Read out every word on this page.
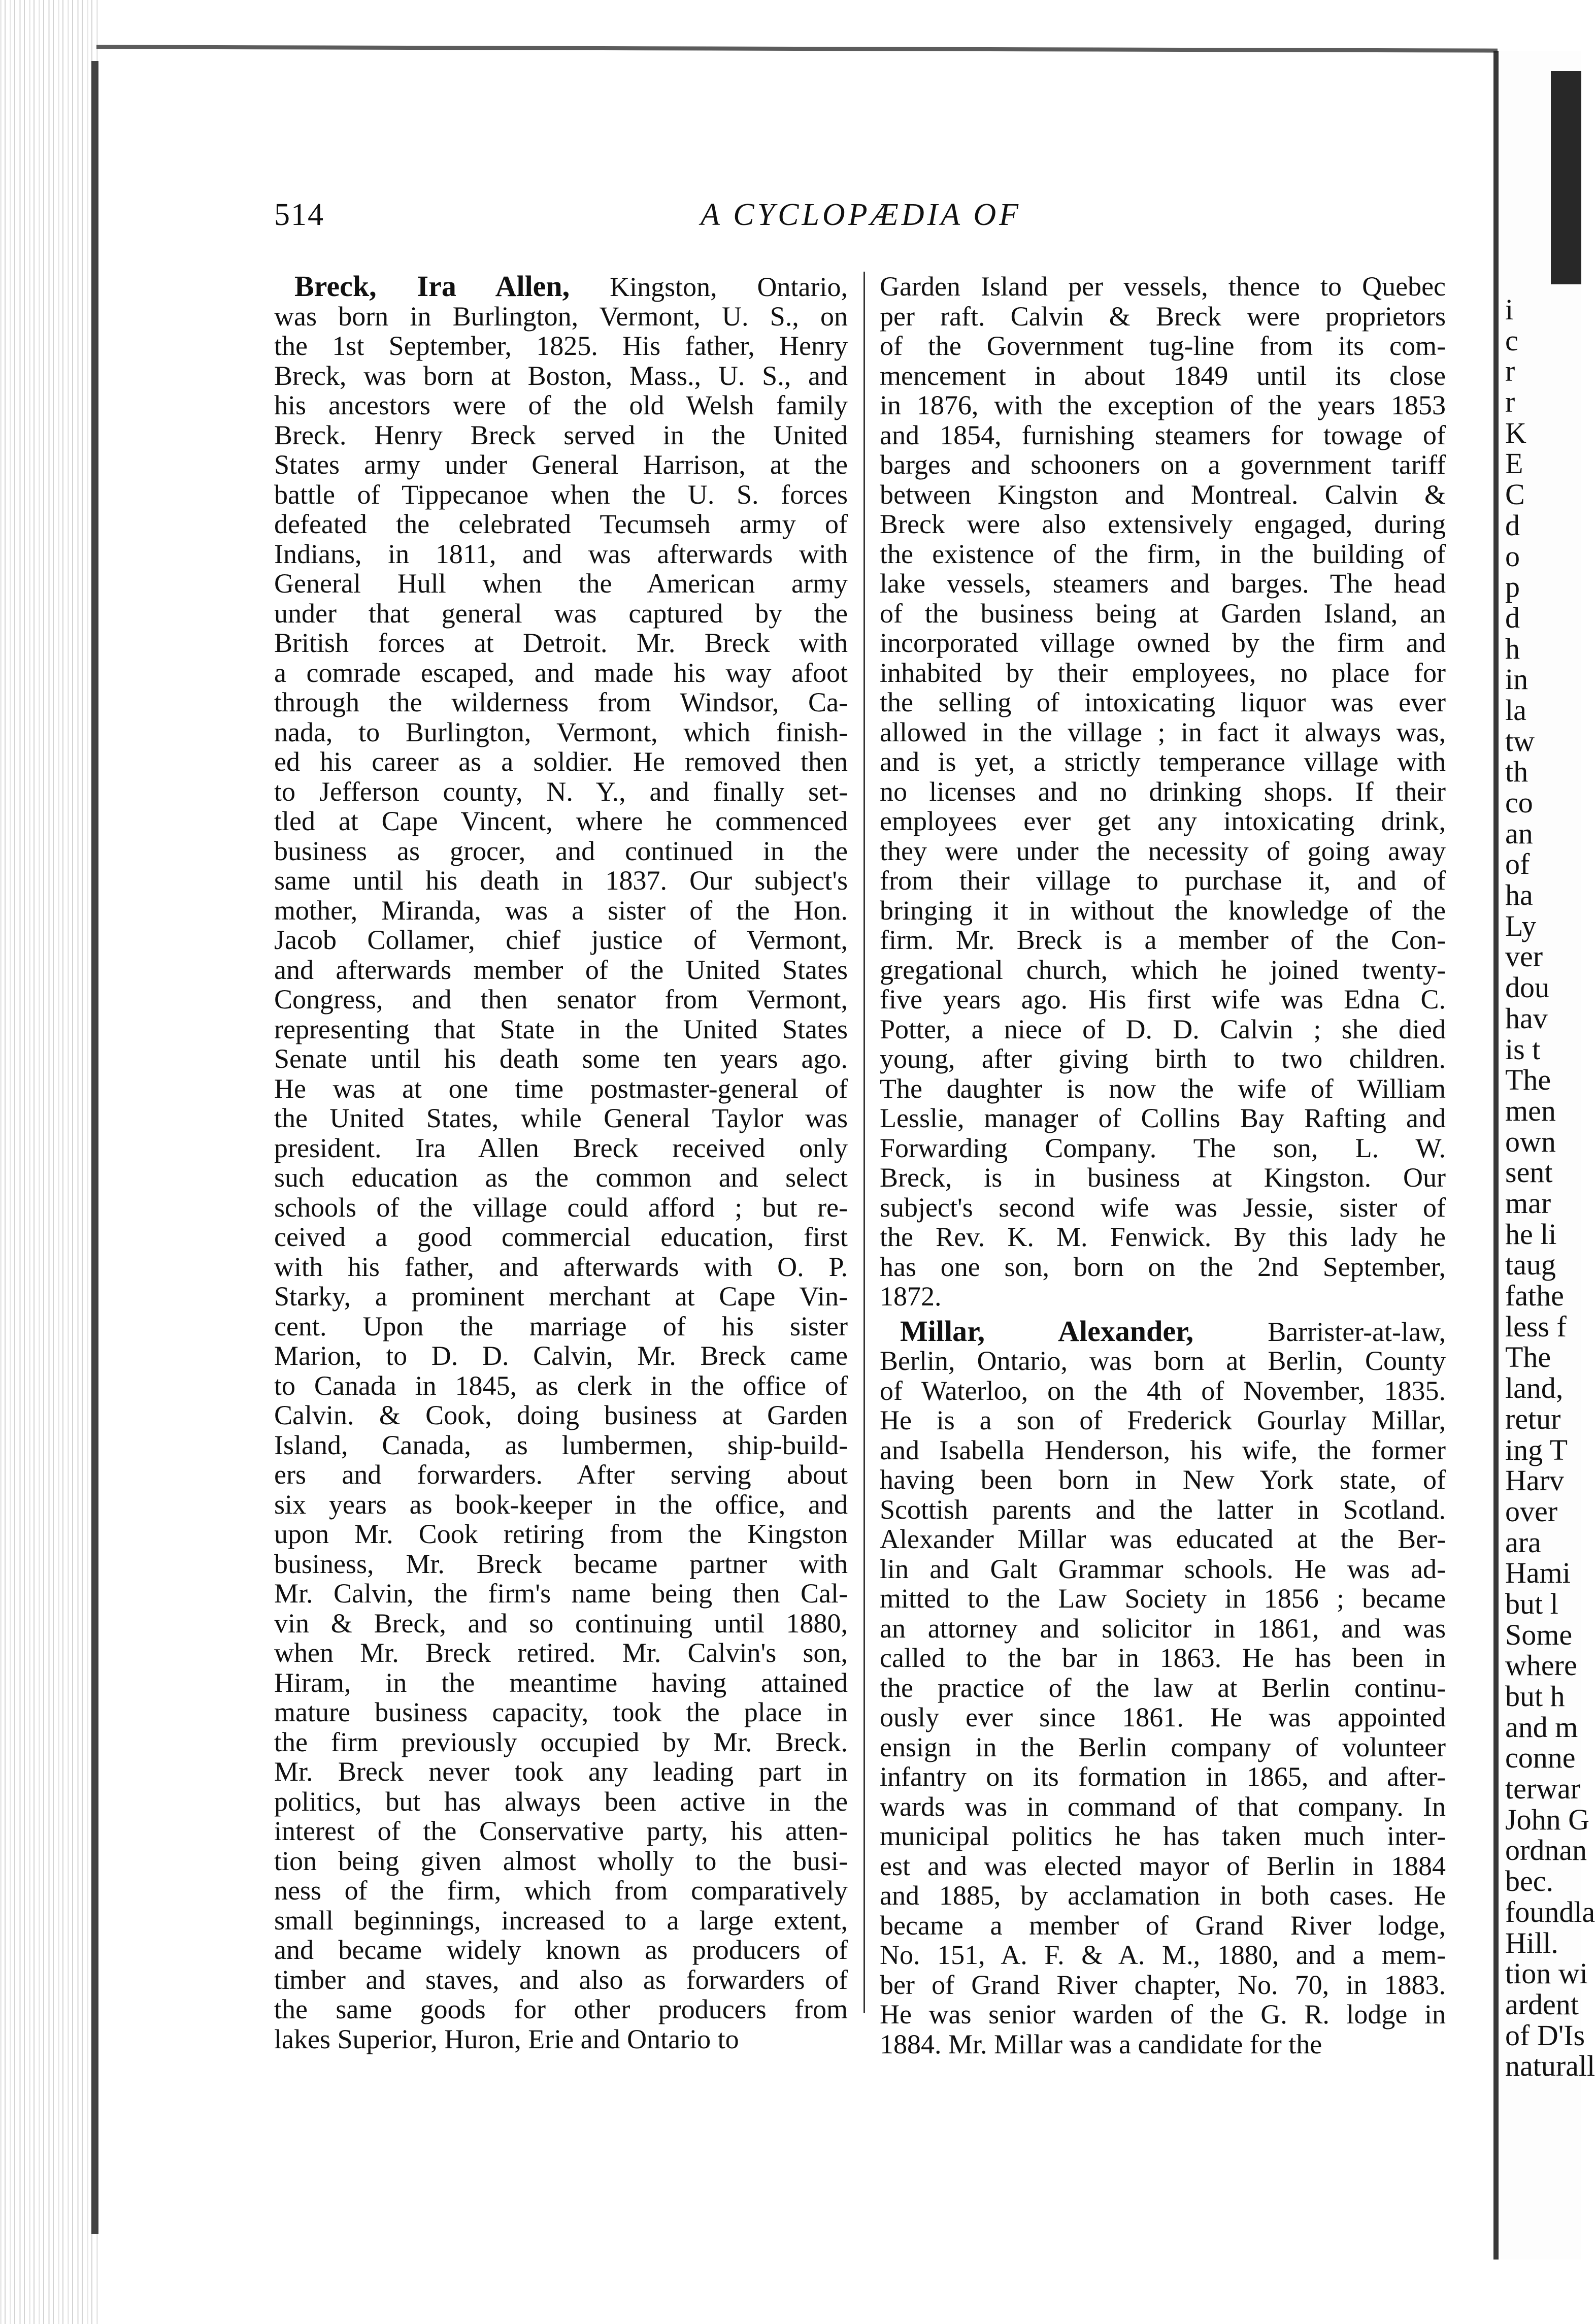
i
c
r
r
K
E
C
d
o
p
d
h
in
la
tw
th
co
an
of
ha
Ly
ver
dou
hav
is t
The
men
own
sent
mar
he li
taug
fathe
less f
The
land,
retur
ing T
Harv
over
ara
Hami
but l
Some
where
but h
and m
conne
terwar
John G
ordnan
bec.
foundla
Hill.
tion wi
ardent
of D'Is
naturall
514	A CYCLOPÆDIA OF
Breck, Ira Allen, Kingston, Ontario,
was born in Burlington, Vermont, U. S., on
the 1st September, 1825. His father, Henry
Breck, was born at Boston, Mass., U. S., and
his ancestors were of the old Welsh family
Breck. Henry Breck served in the United
States army under General Harrison, at the
battle of Tippecanoe when the U. S. forces
defeated the celebrated Tecumseh army of
Indians, in 1811, and was afterwards with
General Hull when the American army
under that general was captured by the
British forces at Detroit. Mr. Breck with
a comrade escaped, and made his way afoot
through the wilderness from Windsor, Ca-
nada, to Burlington, Vermont, which finish-
ed his career as a soldier. He removed then
to Jefferson county, N. Y., and finally set-
tled at Cape Vincent, where he commenced
business as grocer, and continued in the
same until his death in 1837. Our subject's
mother, Miranda, was a sister of the Hon.
Jacob Collamer, chief justice of Vermont,
and afterwards member of the United States
Congress, and then senator from Vermont,
representing that State in the United States
Senate until his death some ten years ago.
He was at one time postmaster-general of
the United States, while General Taylor was
president. Ira Allen Breck received only
such education as the common and select
schools of the village could afford ; but re-
ceived a good commercial education, first
with his father, and afterwards with O. P.
Starky, a prominent merchant at Cape Vin-
cent. Upon the marriage of his sister
Marion, to D. D. Calvin, Mr. Breck came
to Canada in 1845, as clerk in the office of
Calvin. & Cook, doing business at Garden
Island, Canada, as lumbermen, ship-build-
ers and forwarders. After serving about
six years as book-keeper in the office, and
upon Mr. Cook retiring from the Kingston
business, Mr. Breck became partner with
Mr. Calvin, the firm's name being then Cal-
vin & Breck, and so continuing until 1880,
when Mr. Breck retired. Mr. Calvin's son,
Hiram, in the meantime having attained
mature business capacity, took the place in
the firm previously occupied by Mr. Breck.
Mr. Breck never took any leading part in
politics, but has always been active in the
interest of the Conservative party, his atten-
tion being given almost wholly to the busi-
ness of the firm, which from comparatively
small beginnings, increased to a large extent,
and became widely known as producers of
timber and staves, and also as forwarders of
the same goods for other producers from
lakes Superior, Huron, Erie and Ontario to
Garden Island per vessels, thence to Quebec
per raft. Calvin & Breck were proprietors
of the Government tug-line from its com-
mencement in about 1849 until its close
in 1876, with the exception of the years 1853
and 1854, furnishing steamers for towage of
barges and schooners on a government tariff
between Kingston and Montreal. Calvin &
Breck were also extensively engaged, during
the existence of the firm, in the building of
lake vessels, steamers and barges. The head
of the business being at Garden Island, an
incorporated village owned by the firm and
inhabited by their employees, no place for
the selling of intoxicating liquor was ever
allowed in the village ; in fact it always was,
and is yet, a strictly temperance village with
no licenses and no drinking shops. If their
employees ever get any intoxicating drink,
they were under the necessity of going away
from their village to purchase it, and of
bringing it in without the knowledge of the
firm. Mr. Breck is a member of the Con-
gregational church, which he joined twenty-
five years ago. His first wife was Edna C.
Potter, a niece of D. D. Calvin ; she died
young, after giving birth to two children.
The daughter is now the wife of William
Lesslie, manager of Collins Bay Rafting and
Forwarding Company. The son, L. W.
Breck, is in business at Kingston. Our
subject's second wife was Jessie, sister of
the Rev. K. M. Fenwick. By this lady he
has one son, born on the 2nd September,
1872.
Millar, Alexander, Barrister-at-law,
Berlin, Ontario, was born at Berlin, County
of Waterloo, on the 4th of November, 1835.
He is a son of Frederick Gourlay Millar,
and Isabella Henderson, his wife, the former
having been born in New York state, of
Scottish parents and the latter in Scotland.
Alexander Millar was educated at the Ber-
lin and Galt Grammar schools. He was ad-
mitted to the Law Society in 1856 ; became
an attorney and solicitor in 1861, and was
called to the bar in 1863. He has been in
the practice of the law at Berlin continu-
ously ever since 1861. He was appointed
ensign in the Berlin company of volunteer
infantry on its formation in 1865, and after-
wards was in command of that company. In
municipal politics he has taken much inter-
est and was elected mayor of Berlin in 1884
and 1885, by acclamation in both cases. He
became a member of Grand River lodge,
No. 151, A. F. & A. M., 1880, and a mem-
ber of Grand River chapter, No. 70, in 1883.
He was senior warden of the G. R. lodge in
1884. Mr. Millar was a candidate for the
